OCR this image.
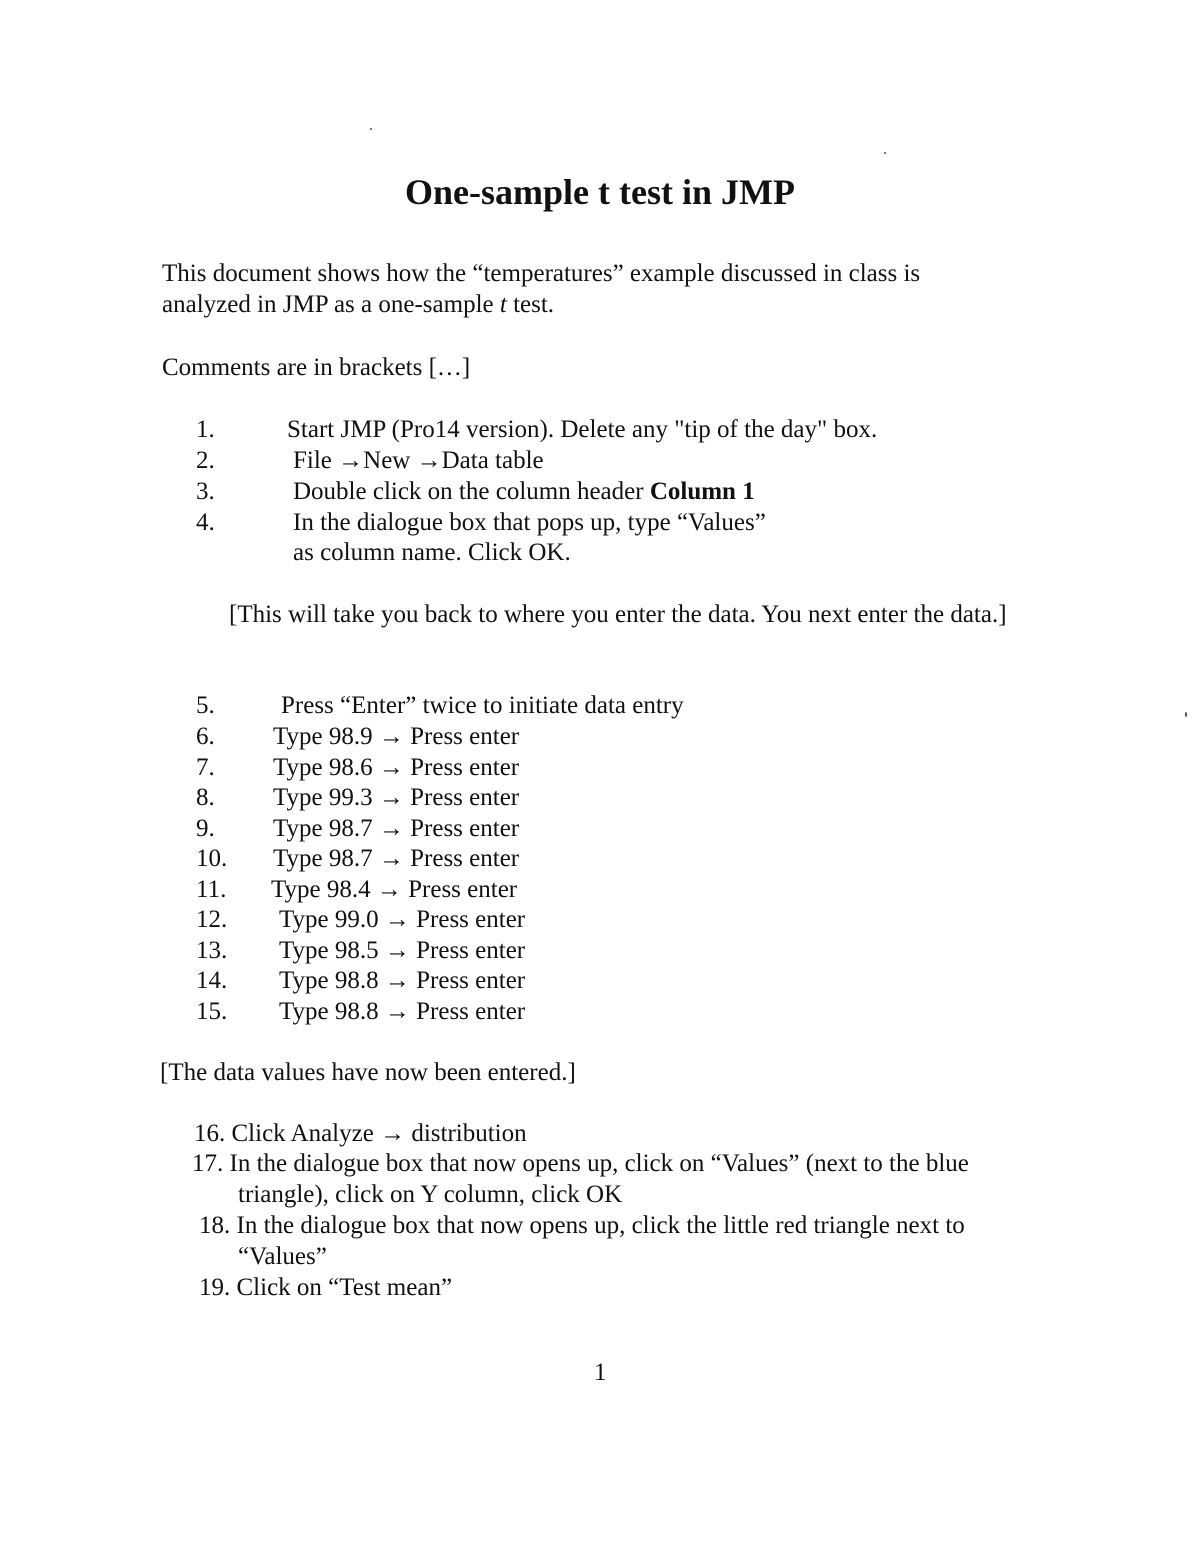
One-sample t test in JMP
This document shows how the “temperatures” example discussed in class is
analyzed in JMP as a one-sample t test.
Comments are in brackets […]
1.	Start JMP (Pro14 version). Delete any "tip of the day" box.
2.	File →New →Data table
3.	Double click on the column header Column 1
4.	In the dialogue box that pops up, type “Values”
as column name. Click OK.
[This will take you back to where you enter the data. You next enter the data.]
5.	Press “Enter” twice to initiate data entry
6. Type 98.9 → Press enter
7. Type 98.6 → Press enter
8. Type 99.3 → Press enter
9. Type 98.7 → Press enter
10. Type 98.7 → Press enter
11. Type 98.4 → Press enter
12. Type 99.0 → Press enter
13. Type 98.5 → Press enter
14. Type 98.8 → Press enter
15. Type 98.8 → Press enter
[The data values have now been entered.]
16. Click Analyze → distribution
17. In the dialogue box that now opens up, click on “Values” (next to the blue
triangle), click on Y column, click OK
18. In the dialogue box that now opens up, click the little red triangle next to
“Values”
19. Click on “Test mean”
1
